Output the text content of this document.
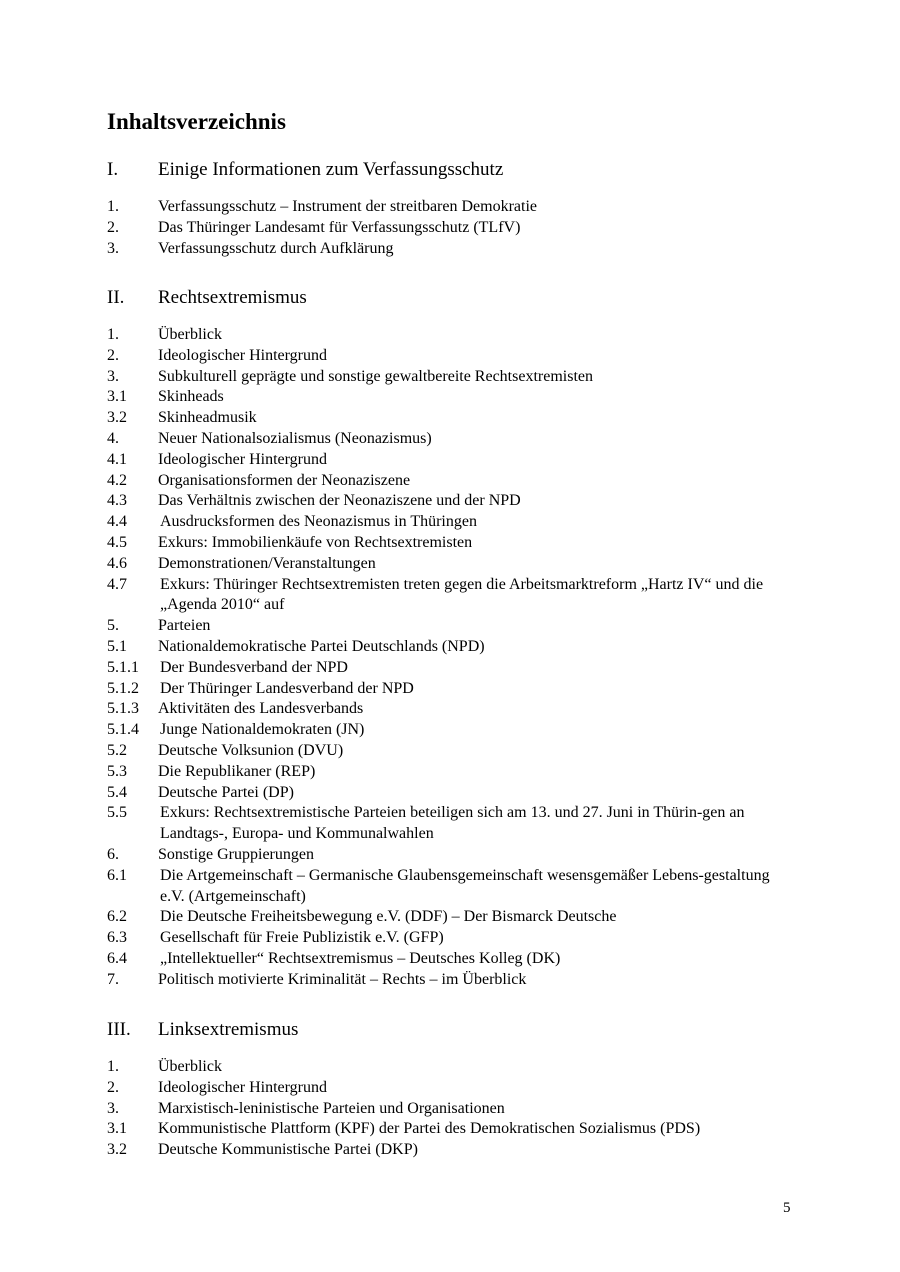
Inhaltsverzeichnis
I. Einige Informationen zum Verfassungsschutz
1.	Verfassungsschutz – Instrument der streitbaren Demokratie
2.	Das Thüringer Landesamt für Verfassungsschutz (TLfV)
3.	Verfassungsschutz durch Aufklärung
II. Rechtsextremismus
1.	Überblick
2.	Ideologischer Hintergrund
3.	Subkulturell geprägte und sonstige gewaltbereite Rechtsextremisten
3.1	Skinheads
3.2	Skinheadmusik
4.	Neuer Nationalsozialismus (Neonazismus)
4.1	Ideologischer Hintergrund
4.2	Organisationsformen der Neonaziszene
4.3	Das Verhältnis zwischen der Neonaziszene und der NPD
4.4	Ausdrucksformen des Neonazismus in Thüringen
4.5	Exkurs: Immobilienkäufe von Rechtsextremisten
4.6	Demonstrationen/Veranstaltungen
4.7	Exkurs: Thüringer Rechtsextremisten treten gegen die Arbeitsmarktreform „Hartz IV“ und die „Agenda 2010“ auf
5.	Parteien
5.1	Nationaldemokratische Partei Deutschlands (NPD)
5.1.1	Der Bundesverband der NPD
5.1.2	Der Thüringer Landesverband der NPD
5.1.3	Aktivitäten des Landesverbands
5.1.4	Junge Nationaldemokraten (JN)
5.2	Deutsche Volksunion (DVU)
5.3	Die Republikaner (REP)
5.4	Deutsche Partei (DP)
5.5	Exkurs: Rechtsextremistische Parteien beteiligen sich am 13. und 27. Juni in Thürin-gen an Landtags-, Europa- und Kommunalwahlen
6.	Sonstige Gruppierungen
6.1	Die Artgemeinschaft – Germanische Glaubensgemeinschaft wesensgemäßer Lebens-gestaltung e.V. (Artgemeinschaft)
6.2	Die Deutsche Freiheitsbewegung e.V. (DDF) – Der Bismarck Deutsche
6.3	Gesellschaft für Freie Publizistik e.V. (GFP)
6.4	„Intellektueller“ Rechtsextremismus – Deutsches Kolleg (DK)
7.	Politisch motivierte Kriminalität – Rechts – im Überblick
III. Linksextremismus
1.	Überblick
2.	Ideologischer Hintergrund
3.	Marxistisch-leninistische Parteien und Organisationen
3.1	Kommunistische Plattform (KPF) der Partei des Demokratischen Sozialismus (PDS)
3.2	Deutsche Kommunistische Partei (DKP)
5
